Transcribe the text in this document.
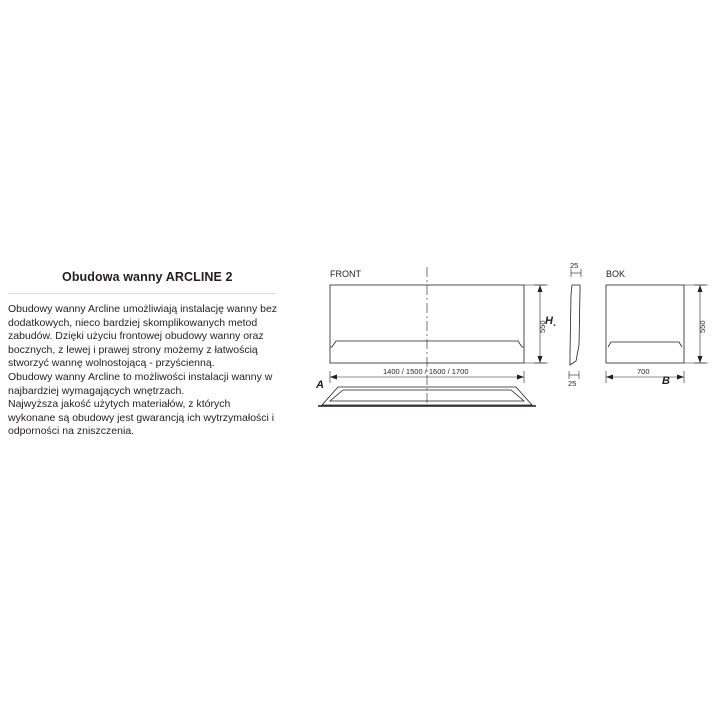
Obudowa wanny ARCLINE 2

Obudowy wanny Arcline umożliwiają instalację wanny bez dodatkowych, nieco bardziej skomplikowanych metod zabudów. Dzięki użyciu frontowej obudowy wanny oraz bocznych, z lewej i prawej strony możemy z łatwością stworzyć wannę wolnostojącą - przyścienną.

Obudowy wanny Arcline to możliwości instalacji wanny w najbardziej wymagających wnętrzach.

Najwyższa jakość użytych materiałów, z których wykonane są obudowy jest gwarancją ich wytrzymałości i odporności na zniszczenia.

FRONT
1400 / 1500 / 1600 / 1700
550
H ₁
A
25
25
BOK
700
B
550
